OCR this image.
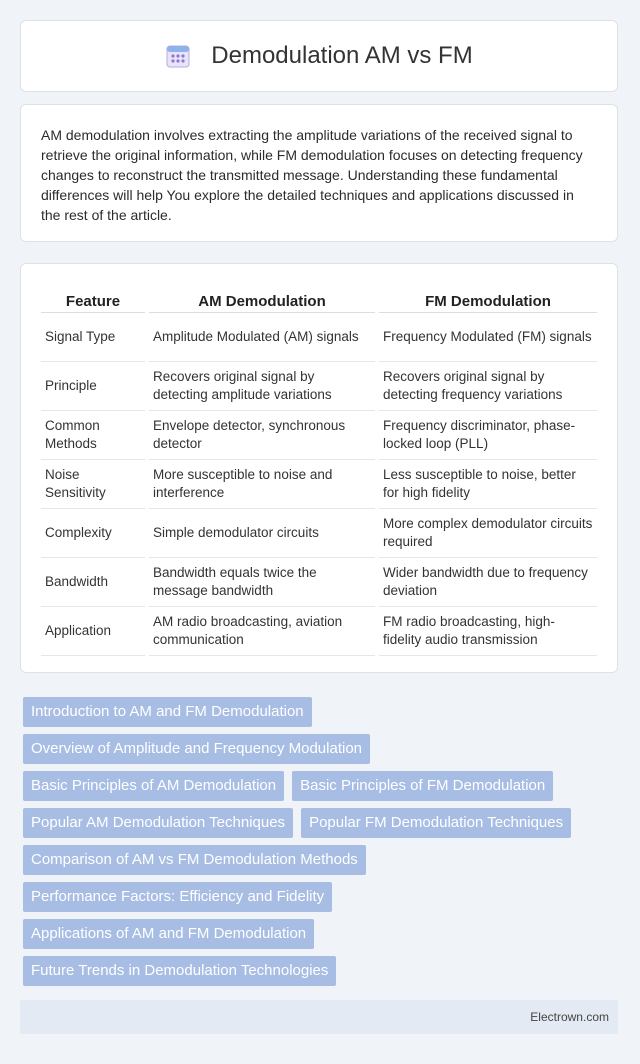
Demodulation AM vs FM

AM demodulation involves extracting the amplitude variations of the received signal to retrieve the original information, while FM demodulation focuses on detecting frequency changes to reconstruct the transmitted message. Understanding these fundamental differences will help You explore the detailed techniques and applications discussed in the rest of the article.

Feature	AM Demodulation	FM Demodulation
Signal Type	Amplitude Modulated (AM) signals	Frequency Modulated (FM) signals
Principle	Recovers original signal by detecting amplitude variations	Recovers original signal by detecting frequency variations
Common Methods	Envelope detector, synchronous detector	Frequency discriminator, phase-locked loop (PLL)
Noise Sensitivity	More susceptible to noise and interference	Less susceptible to noise, better for high fidelity
Complexity	Simple demodulator circuits	More complex demodulator circuits required
Bandwidth	Bandwidth equals twice the message bandwidth	Wider bandwidth due to frequency deviation
Application	AM radio broadcasting, aviation communication	FM radio broadcasting, high-fidelity audio transmission
Introduction to AM and FM Demodulation
Overview of Amplitude and Frequency Modulation
Basic Principles of AM Demodulation	Basic Principles of FM Demodulation
Popular AM Demodulation Techniques	Popular FM Demodulation Techniques
Comparison of AM vs FM Demodulation Methods
Performance Factors: Efficiency and Fidelity
Applications of AM and FM Demodulation
Future Trends in Demodulation Technologies
Electrown.com
